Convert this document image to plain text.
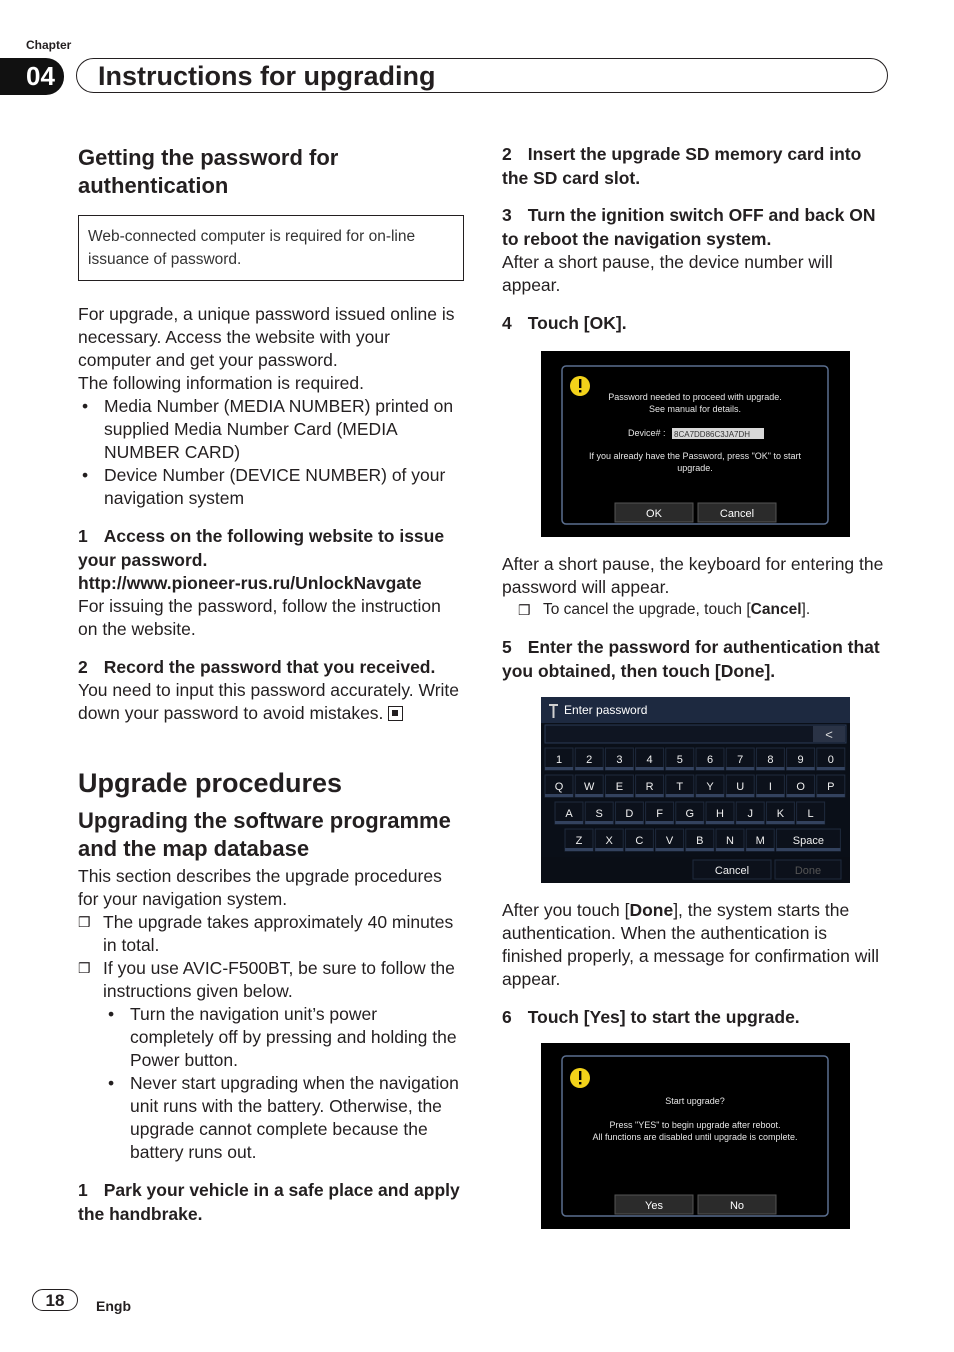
Chapter
04	Instructions for upgrading
Getting the password for authentication
Web-connected computer is required for on-line issuance of password.

For upgrade, a unique password issued online is necessary. Access the website with your computer and get your password.

The following information is required.

• Media Number (MEDIA NUMBER) printed on supplied Media Number Card (MEDIA NUMBER CARD)
• Device Number (DEVICE NUMBER) of your navigation system

1 Access on the following website to issue your password.

http://www.pioneer-rus.ru/UnlockNavgate

For issuing the password, follow the instruction on the website.

2 Record the password that you received.

You need to input this password accurately. Write down your password to avoid mistakes.

Upgrade procedures
Upgrading the software programme and the map database

This section describes the upgrade procedures for your navigation system.

❒ The upgrade takes approximately 40 minutes in total.
❒ If you use AVIC-F500BT, be sure to follow the instructions given below.
• Turn the navigation unit’s power completely off by pressing and holding the Power button.
• Never start upgrading when the navigation unit runs with the battery. Otherwise, the upgrade cannot complete because the battery runs out.

1 Park your vehicle in a safe place and apply the handbrake.

2 Insert the upgrade SD memory card into the SD card slot.

3 Turn the ignition switch OFF and back ON to reboot the navigation system.

After a short pause, the device number will appear.

4 Touch [OK].

Password needed to proceed with upgrade.
See manual for details.
Device# : 8CA7DD86C3JA7DH
If you already have the Password, press "OK" to start
upgrade.
OK	Cancel

After a short pause, the keyboard for entering the password will appear.

❒ To cancel the upgrade, touch [Cancel].

5 Enter the password for authentication that you obtained, then touch [Done].

Enter password
<
1 2 3 4 5 6 7 8 9 0
Q W E R T Y U I O P
A S D F G H J K L
Z X C V B N M	Space
Cancel	Done

After you touch [Done], the system starts the authentication. When the authentication is finished properly, a message for confirmation will appear.

6 Touch [Yes] to start the upgrade.

Start upgrade?
Press "YES" to begin upgrade after reboot.
All functions are disabled until upgrade is complete.
Yes	No
18	Engb
